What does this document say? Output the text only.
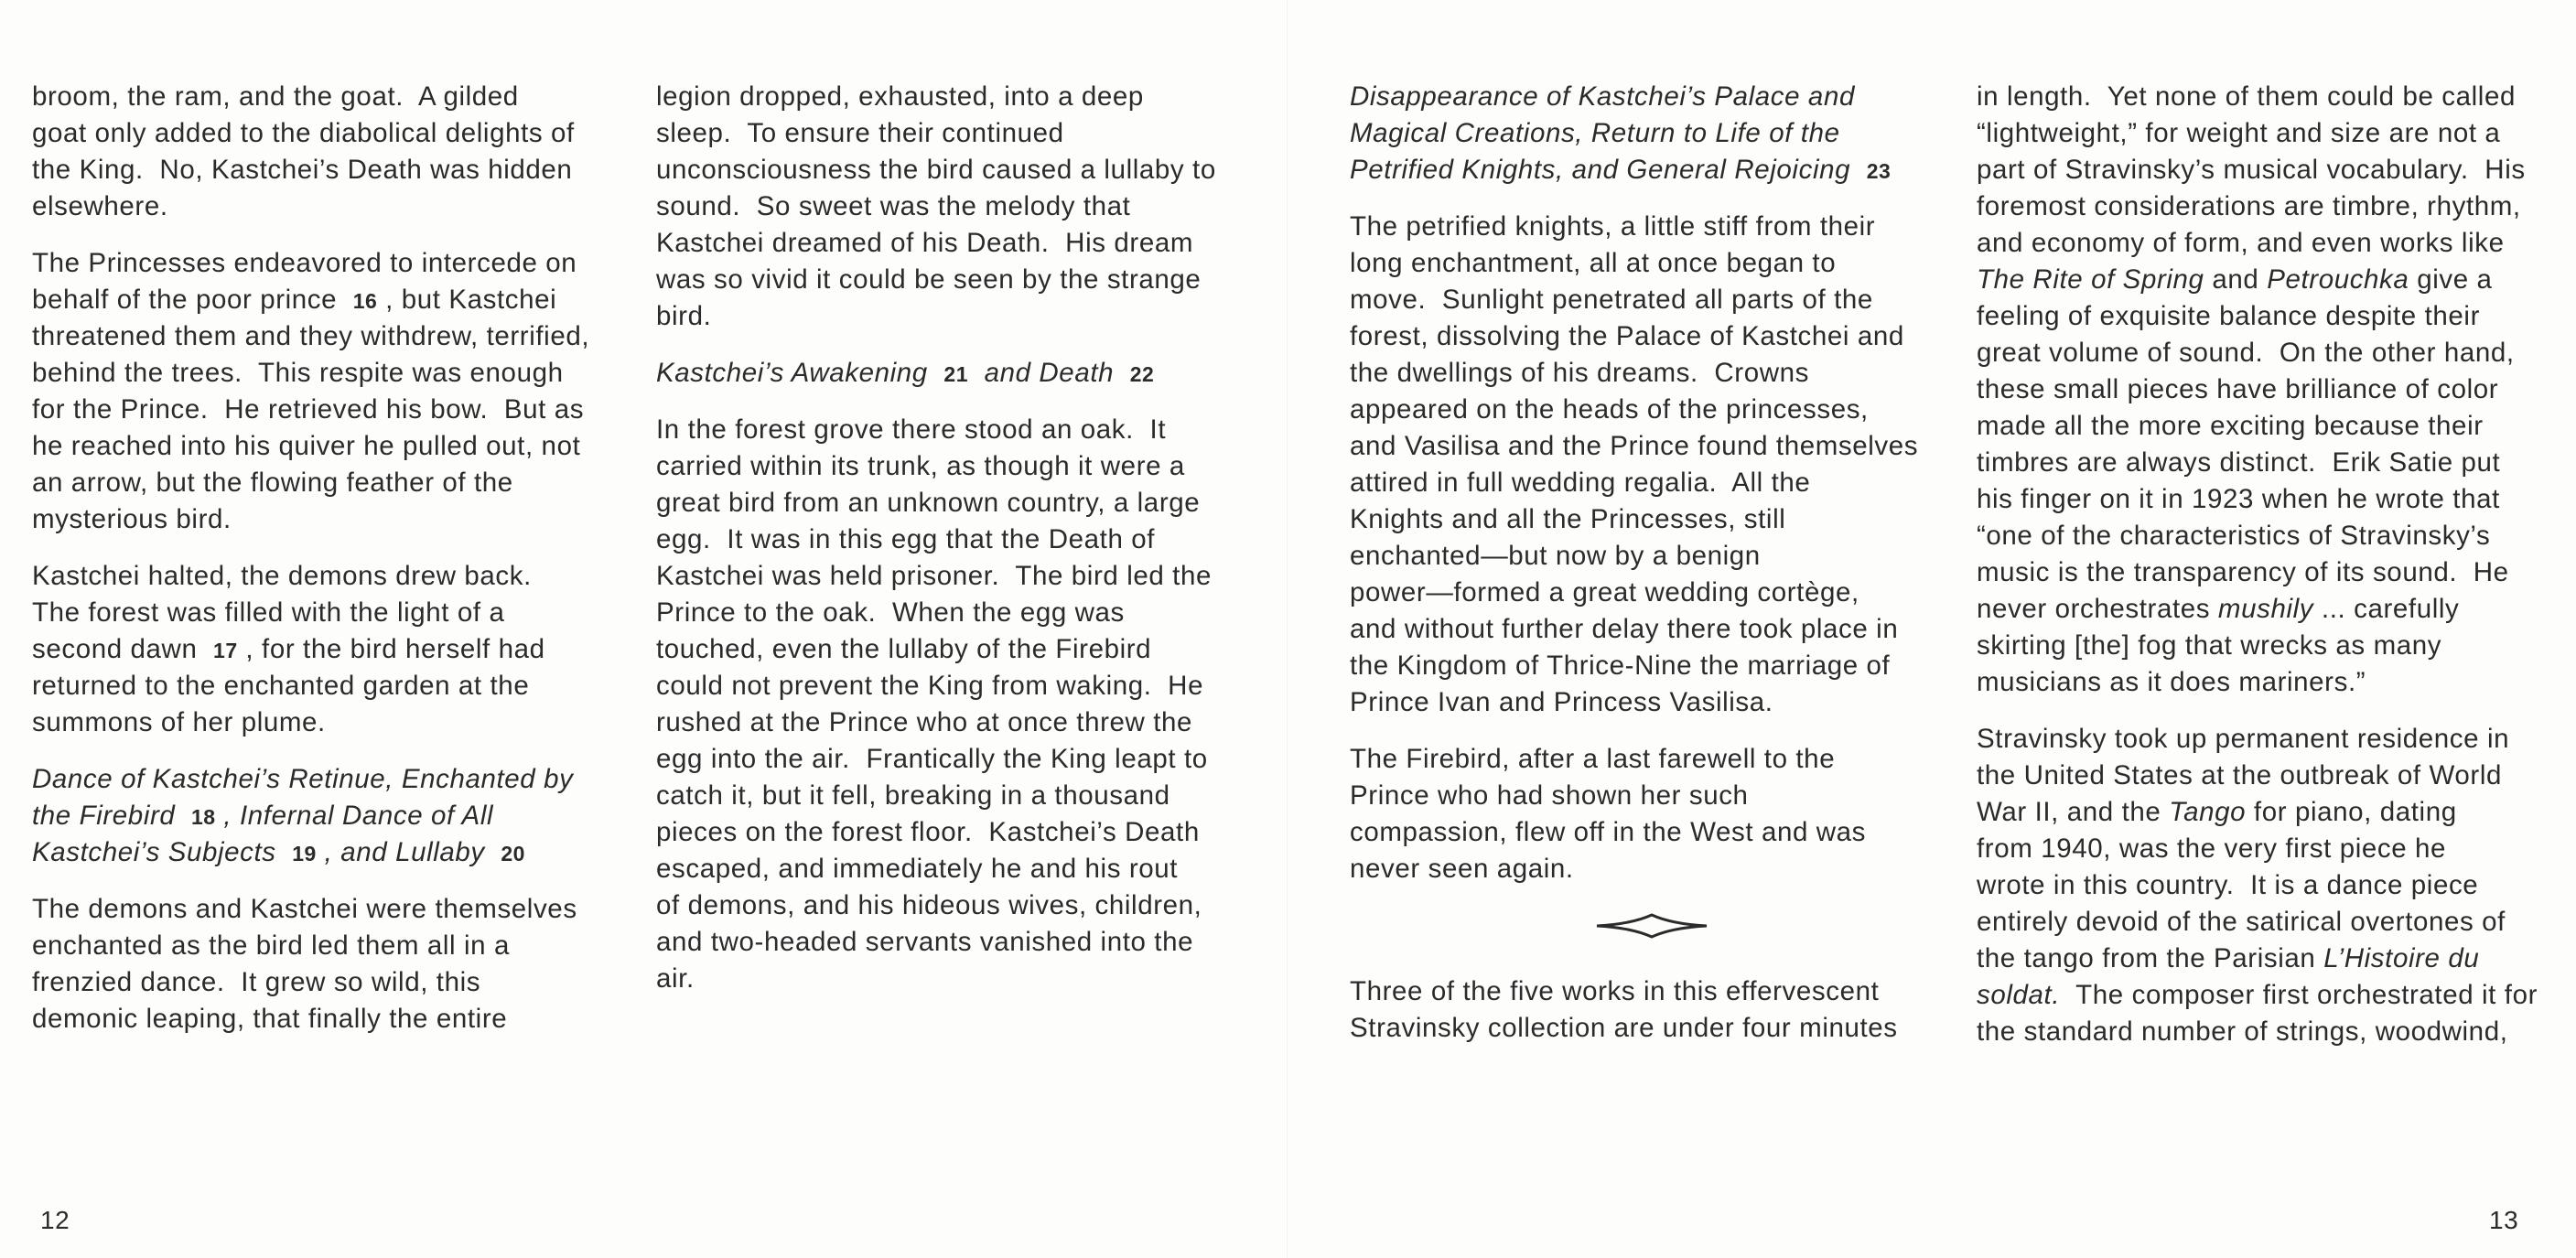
broom, the ram, and the goat.  A gilded
goat only added to the diabolical delights of
the King.  No, Kastchei’s Death was hidden
elsewhere.
The Princesses endeavored to intercede on
behalf of the poor prince  16 , but Kastchei
threatened them and they withdrew, terrified,
behind the trees.  This respite was enough
for the Prince.  He retrieved his bow.  But as
he reached into his quiver he pulled out, not
an arrow, but the flowing feather of the
mysterious bird.
Kastchei halted, the demons drew back.
The forest was filled with the light of a
second dawn  17 , for the bird herself had
returned to the enchanted garden at the
summons of her plume.
Dance of Kastchei’s Retinue, Enchanted by
the Firebird  18 , Infernal Dance of All
Kastchei’s Subjects  19 , and Lullaby  20
The demons and Kastchei were themselves
enchanted as the bird led them all in a
frenzied dance.  It grew so wild, this
demonic leaping, that finally the entire
legion dropped, exhausted, into a deep
sleep.  To ensure their continued
unconsciousness the bird caused a lullaby to
sound.  So sweet was the melody that
Kastchei dreamed of his Death.  His dream
was so vivid it could be seen by the strange
bird.
Kastchei’s Awakening  21  and Death  22
In the forest grove there stood an oak.  It
carried within its trunk, as though it were a
great bird from an unknown country, a large
egg.  It was in this egg that the Death of
Kastchei was held prisoner.  The bird led the
Prince to the oak.  When the egg was
touched, even the lullaby of the Firebird
could not prevent the King from waking.  He
rushed at the Prince who at once threw the
egg into the air.  Frantically the King leapt to
catch it, but it fell, breaking in a thousand
pieces on the forest floor.  Kastchei’s Death
escaped, and immediately he and his rout
of demons, and his hideous wives, children,
and two-headed servants vanished into the
air.
12
Disappearance of Kastchei’s Palace and
Magical Creations, Return to Life of the
Petrified Knights, and General Rejoicing  23
The petrified knights, a little stiff from their
long enchantment, all at once began to
move.  Sunlight penetrated all parts of the
forest, dissolving the Palace of Kastchei and
the dwellings of his dreams.  Crowns
appeared on the heads of the princesses,
and Vasilisa and the Prince found themselves
attired in full wedding regalia.  All the
Knights and all the Princesses, still
enchanted—but now by a benign
power—formed a great wedding cortège,
and without further delay there took place in
the Kingdom of Thrice-Nine the marriage of
Prince Ivan and Princess Vasilisa.
The Firebird, after a last farewell to the
Prince who had shown her such
compassion, flew off in the West and was
never seen again.
Three of the five works in this effervescent
Stravinsky collection are under four minutes
in length.  Yet none of them could be called
“lightweight,” for weight and size are not a
part of Stravinsky’s musical vocabulary.  His
foremost considerations are timbre, rhythm,
and economy of form, and even works like
The Rite of Spring and Petrouchka give a
feeling of exquisite balance despite their
great volume of sound.  On the other hand,
these small pieces have brilliance of color
made all the more exciting because their
timbres are always distinct.  Erik Satie put
his finger on it in 1923 when he wrote that
“one of the characteristics of Stravinsky’s
music is the transparency of its sound.  He
never orchestrates mushily ... carefully
skirting [the] fog that wrecks as many
musicians as it does mariners.”
Stravinsky took up permanent residence in
the United States at the outbreak of World
War II, and the Tango for piano, dating
from 1940, was the very first piece he
wrote in this country.  It is a dance piece
entirely devoid of the satirical overtones of
the tango from the Parisian L’Histoire du
soldat.  The composer first orchestrated it for
the standard number of strings, woodwind,
13
